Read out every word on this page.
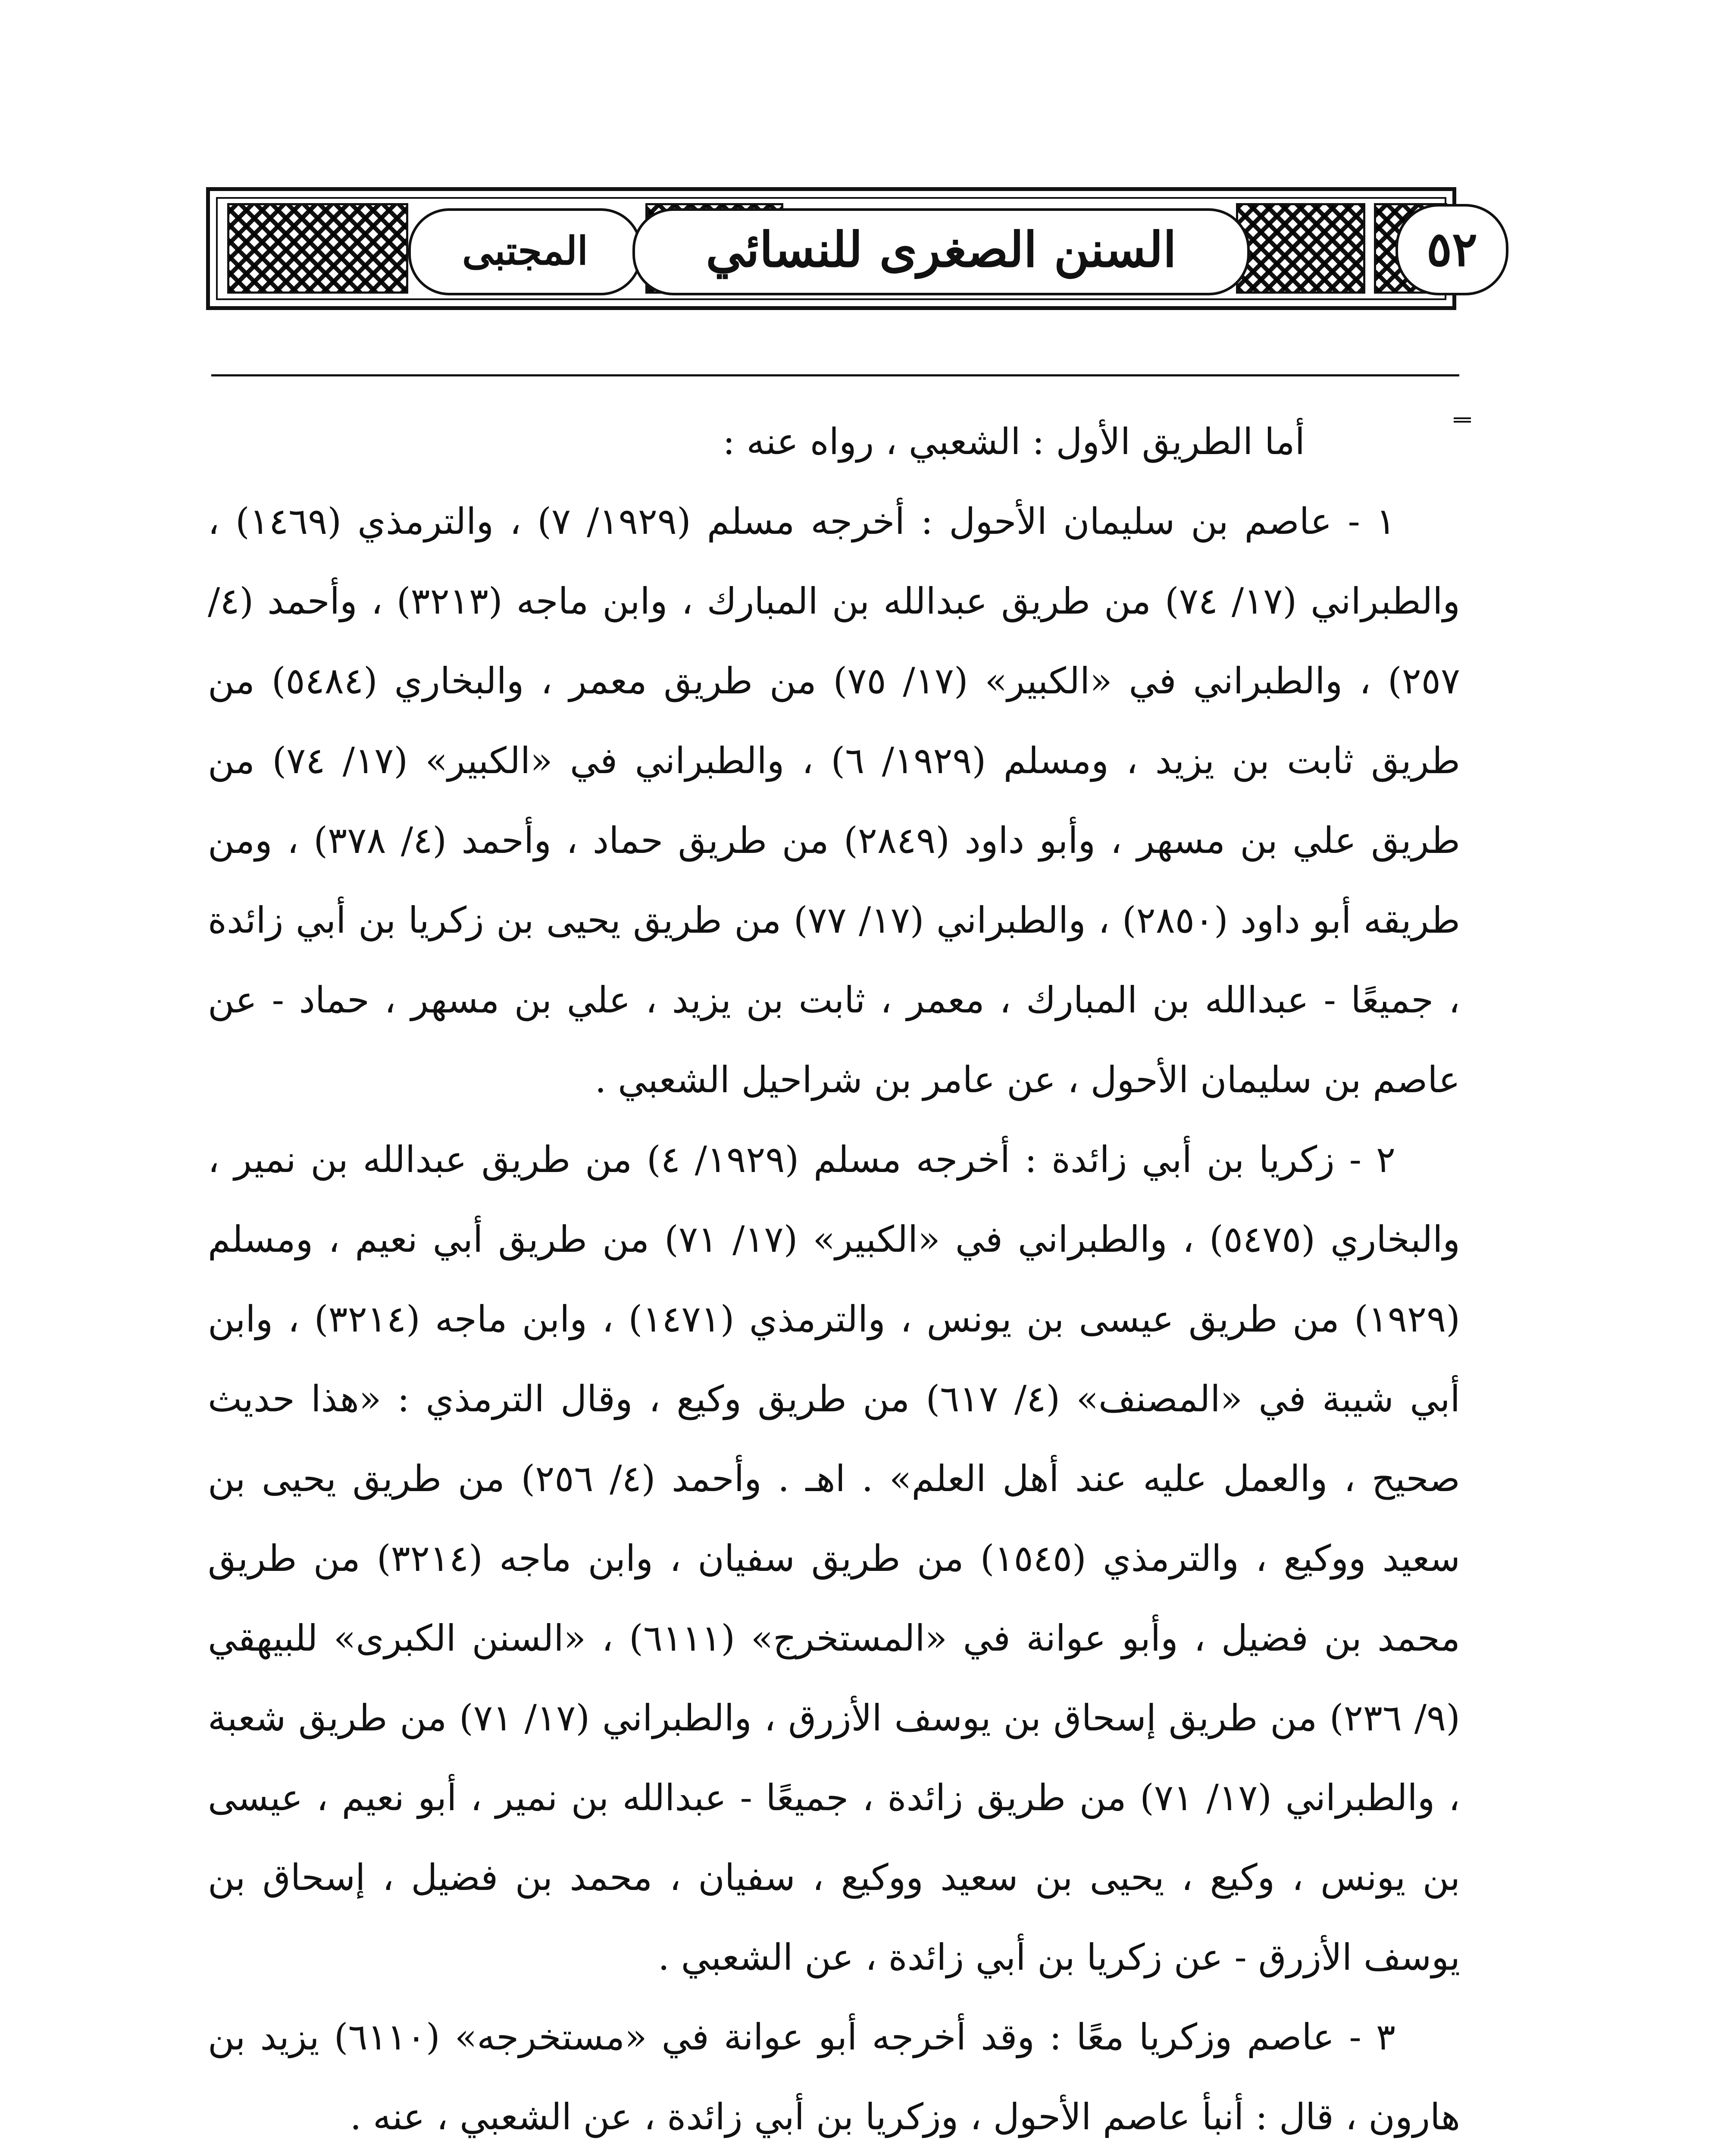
المجتبى	السنن الصغرى للنسائي	٥٢

أما الطريق الأول : الشعبي ، رواه عنه :

١ - عاصم بن سليمان الأحول : أخرجه مسلم (١٩٢٩/ ٧) ، والترمذي (١٤٦٩) ، والطبراني (١٧/ ٧٤) من طريق عبدالله بن المبارك ، وابن ماجه (٣٢١٣) ، وأحمد (٤/ ٢٥٧) ، والطبراني في «الكبير» (١٧/ ٧٥) من طريق معمر ، والبخاري (٥٤٨٤) من طريق ثابت بن يزيد ، ومسلم (١٩٢٩/ ٦) ، والطبراني في «الكبير» (١٧/ ٧٤) من طريق علي بن مسهر ، وأبو داود (٢٨٤٩) من طريق حماد ، وأحمد (٤/ ٣٧٨) ، ومن طريقه أبو داود (٢٨٥٠) ، والطبراني (١٧/ ٧٧) من طريق يحيى بن زكريا بن أبي زائدة ، جميعًا - عبدالله بن المبارك ، معمر ، ثابت بن يزيد ، علي بن مسهر ، حماد - عن عاصم بن سليمان الأحول ، عن عامر بن شراحيل الشعبي .

٢ - زكريا بن أبي زائدة : أخرجه مسلم (١٩٢٩/ ٤) من طريق عبدالله بن نمير ، والبخاري (٥٤٧٥) ، والطبراني في «الكبير» (١٧/ ٧١) من طريق أبي نعيم ، ومسلم (١٩٢٩) من طريق عيسى بن يونس ، والترمذي (١٤٧١) ، وابن ماجه (٣٢١٤) ، وابن أبي شيبة في «المصنف» (٤/ ٦١٧) من طريق وكيع ، وقال الترمذي : «هذا حديث صحيح ، والعمل عليه عند أهل العلم» . اهـ . وأحمد (٤/ ٢٥٦) من طريق يحيى بن سعيد ووكيع ، والترمذي (١٥٤٥) من طريق سفيان ، وابن ماجه (٣٢١٤) من طريق محمد بن فضيل ، وأبو عوانة في «المستخرج» (٦١١١) ، «السنن الكبرى» للبيهقي (٩/ ٢٣٦) من طريق إسحاق بن يوسف الأزرق ، والطبراني (١٧/ ٧١) من طريق شعبة ، والطبراني (١٧/ ٧١) من طريق زائدة ، جميعًا - عبدالله بن نمير ، أبو نعيم ، عيسى بن يونس ، وكيع ، يحيى بن سعيد ووكيع ، سفيان ، محمد بن فضيل ، إسحاق بن يوسف الأزرق - عن زكريا بن أبي زائدة ، عن الشعبي .

٣ - عاصم وزكريا معًا : وقد أخرجه أبو عوانة في «مستخرجه» (٦١١٠) يزيد بن هارون ، قال : أنبأ عاصم الأحول ، وزكريا بن أبي زائدة ، عن الشعبي ، عنه .
